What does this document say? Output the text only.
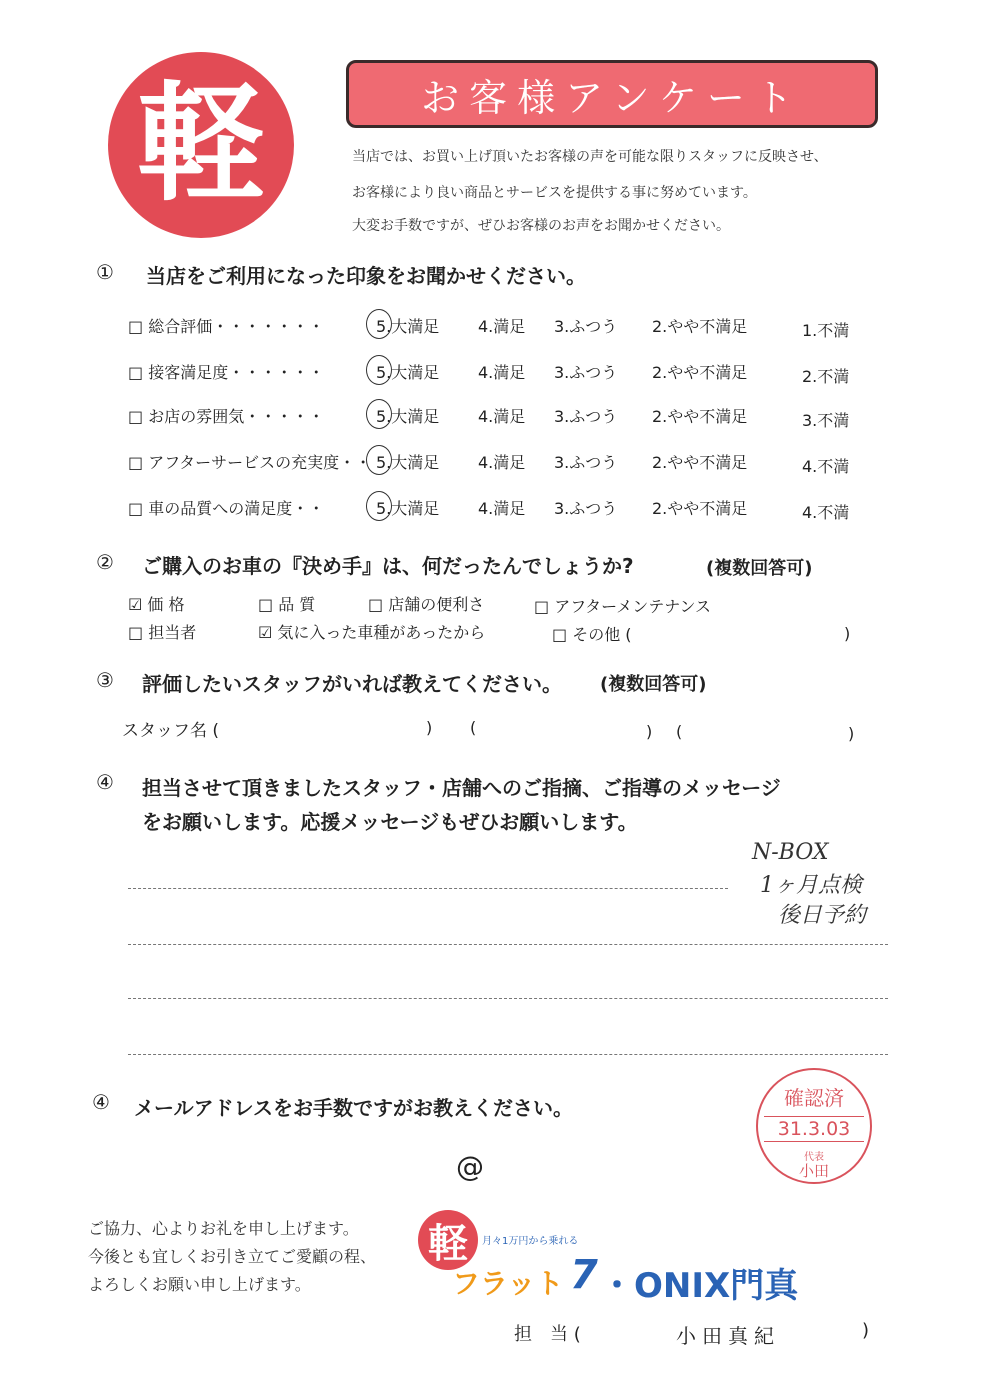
軽	お客様アンケート
当店では、お買い上げ頂いたお客様の声を可能な限りスタッフに反映させ、
お客様により良い商品とサービスを提供する事に努めています。
大変お手数ですが、ぜひお客様のお声をお聞かせください。
① 当店をご利用になった印象をお聞かせください。
□ 総合評価・・・・・・・	5.大満足 4.満足 3.ふつう 2.やや不満足	1.不満
□ 接客満足度・・・・・・	5.大満足 4.満足 3.ふつう 2.やや不満足	2.不満
□ お店の雰囲気・・・・・	5.大満足 4.満足 3.ふつう 2.やや不満足	3.不満
□ アフターサービスの充実度・・ 5.大満足 4.満足 3.ふつう 2.やや不満足	4.不満
□ 車の品質への満足度・・	5.大満足 4.満足 3.ふつう 2.やや不満足	4.不満
② ご購入のお車の『決め手』は、何だったんでしょうか?	(複数回答可)
☑ 価 格	□ 品 質	□ 店舗の便利さ	□ アフターメンテナンス
□ 担当者	☑ 気に入った車種があったから	□ その他 (	)
③ 評価したいスタッフがいれば教えてください。 (複数回答可)
スタッフ名 (	) (	) (	)
④ 担当させて頂きましたスタッフ・店舗へのご指摘、ご指導のメッセージ
をお願いします。応援メッセージもぜひお願いします。
N-BOX
1ヶ月点検
後日予約
④ メールアドレスをお手数ですがお教えください。
@
確認済
31.3.03
代表
小田
ご協力、心よりお礼を申し上げます。
今後とも宜しくお引き立てご愛顧の程、
よろしくお願い申し上げます。
軽 月々1万円から乗れる
フラット 7 ・ONIX門真
担　当 (	小田真紀	)
